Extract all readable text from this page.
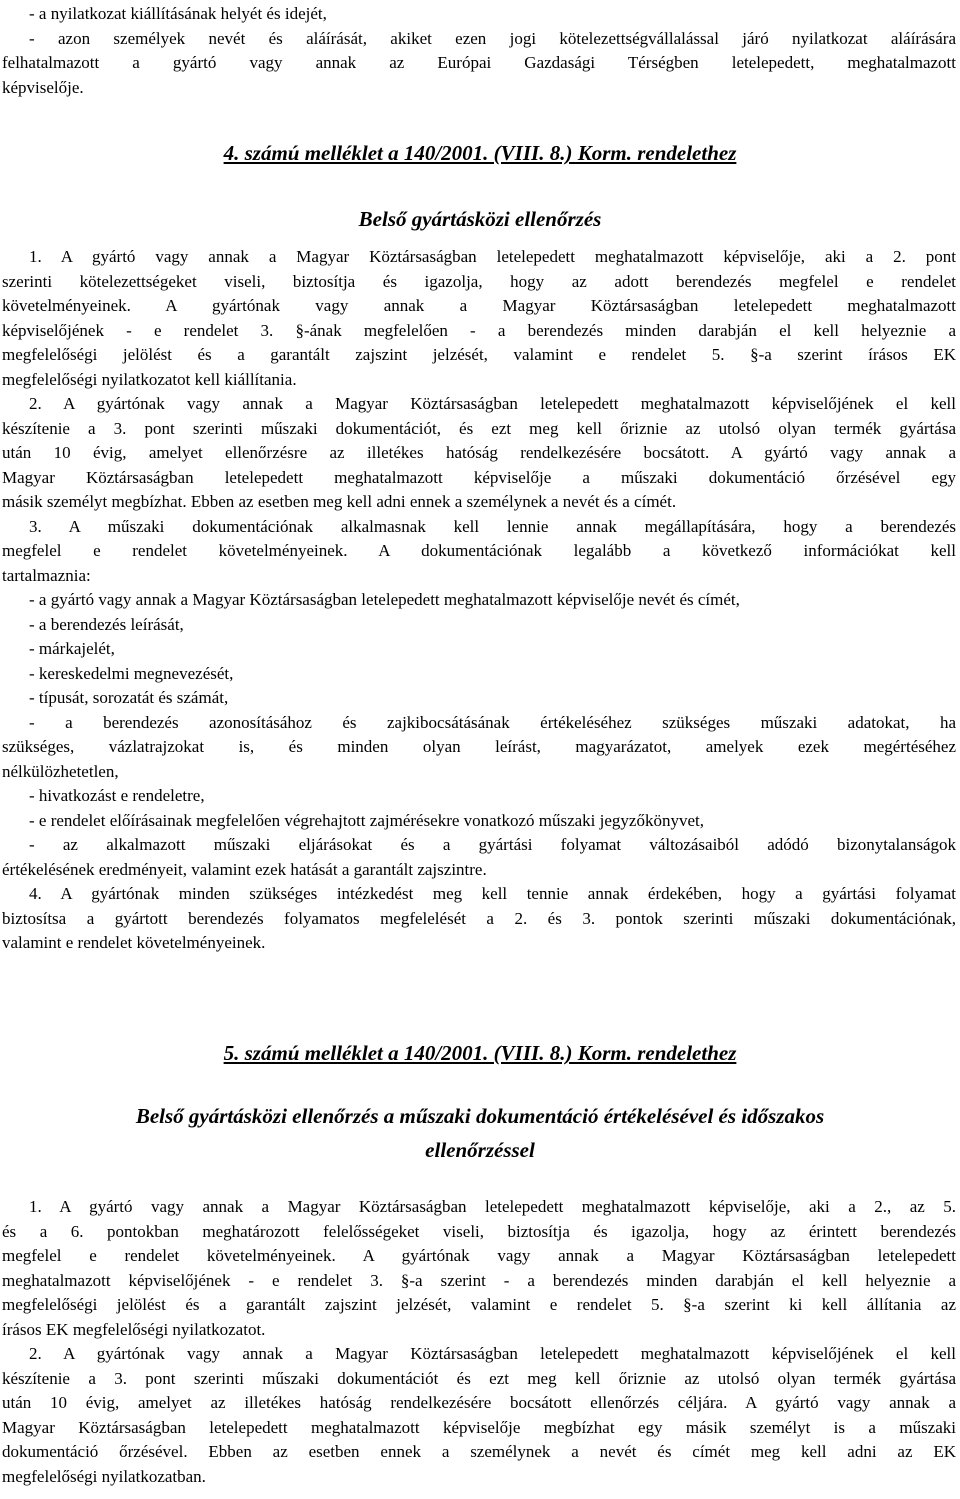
- a nyilatkozat kiállításának helyét és idejét,
- azon személyek nevét és aláírását, akiket ezen jogi kötelezettségvállalással járó nyilatkozat aláírására
felhatalmazott a gyártó vagy annak az Európai Gazdasági Térségben letelepedett, meghatalmazott
képviselője.
4. számú melléklet a 140/2001. (VIII. 8.) Korm. rendelethez
Belső gyártásközi ellenőrzés
1. A gyártó vagy annak a Magyar Köztársaságban letelepedett meghatalmazott képviselője, aki a 2. pont
szerinti kötelezettségeket viseli, biztosítja és igazolja, hogy az adott berendezés megfelel e rendelet
követelményeinek. A gyártónak vagy annak a Magyar Köztársaságban letelepedett meghatalmazott
képviselőjének - e rendelet 3. §-ának megfelelően - a berendezés minden darabján el kell helyeznie a
megfelelőségi jelölést és a garantált zajszint jelzését, valamint e rendelet 5. §-a szerint írásos EK
megfelelőségi nyilatkozatot kell kiállítania.
2. A gyártónak vagy annak a Magyar Köztársaságban letelepedett meghatalmazott képviselőjének el kell
készítenie a 3. pont szerinti műszaki dokumentációt, és ezt meg kell őriznie az utolsó olyan termék gyártása
után 10 évig, amelyet ellenőrzésre az illetékes hatóság rendelkezésére bocsátott. A gyártó vagy annak a
Magyar Köztársaságban letelepedett meghatalmazott képviselője a műszaki dokumentáció őrzésével egy
másik személyt megbízhat. Ebben az esetben meg kell adni ennek a személynek a nevét és a címét.
3. A műszaki dokumentációnak alkalmasnak kell lennie annak megállapítására, hogy a berendezés
megfelel e rendelet követelményeinek. A dokumentációnak legalább a következő információkat kell
tartalmaznia:
- a gyártó vagy annak a Magyar Köztársaságban letelepedett meghatalmazott képviselője nevét és címét,
- a berendezés leírását,
- márkajelét,
- kereskedelmi megnevezését,
- típusát, sorozatát és számát,
- a berendezés azonosításához és zajkibocsátásának értékeléséhez szükséges műszaki adatokat, ha
szükséges, vázlatrajzokat is, és minden olyan leírást, magyarázatot, amelyek ezek megértéséhez
nélkülözhetetlen,
- hivatkozást e rendeletre,
- e rendelet előírásainak megfelelően végrehajtott zajmérésekre vonatkozó műszaki jegyzőkönyvet,
- az alkalmazott műszaki eljárásokat és a gyártási folyamat változásaiból adódó bizonytalanságok
értékelésének eredményeit, valamint ezek hatását a garantált zajszintre.
4. A gyártónak minden szükséges intézkedést meg kell tennie annak érdekében, hogy a gyártási folyamat
biztosítsa a gyártott berendezés folyamatos megfelelését a 2. és 3. pontok szerinti műszaki dokumentációnak,
valamint e rendelet követelményeinek.
5. számú melléklet a 140/2001. (VIII. 8.) Korm. rendelethez
Belső gyártásközi ellenőrzés a műszaki dokumentáció értékelésével és időszakos
ellenőrzéssel
1. A gyártó vagy annak a Magyar Köztársaságban letelepedett meghatalmazott képviselője, aki a 2., az 5.
és a 6. pontokban meghatározott felelősségeket viseli, biztosítja és igazolja, hogy az érintett berendezés
megfelel e rendelet követelményeinek. A gyártónak vagy annak a Magyar Köztársaságban letelepedett
meghatalmazott képviselőjének - e rendelet 3. §-a szerint - a berendezés minden darabján el kell helyeznie a
megfelelőségi jelölést és a garantált zajszint jelzését, valamint e rendelet 5. §-a szerint ki kell állítania az
írásos EK megfelelőségi nyilatkozatot.
2. A gyártónak vagy annak a Magyar Köztársaságban letelepedett meghatalmazott képviselőjének el kell
készítenie a 3. pont szerinti műszaki dokumentációt és ezt meg kell őriznie az utolsó olyan termék gyártása
után 10 évig, amelyet az illetékes hatóság rendelkezésére bocsátott ellenőrzés céljára. A gyártó vagy annak a
Magyar Köztársaságban letelepedett meghatalmazott képviselője megbízhat egy másik személyt is a műszaki
dokumentáció őrzésével. Ebben az esetben ennek a személynek a nevét és címét meg kell adni az EK
megfelelőségi nyilatkozatban.
